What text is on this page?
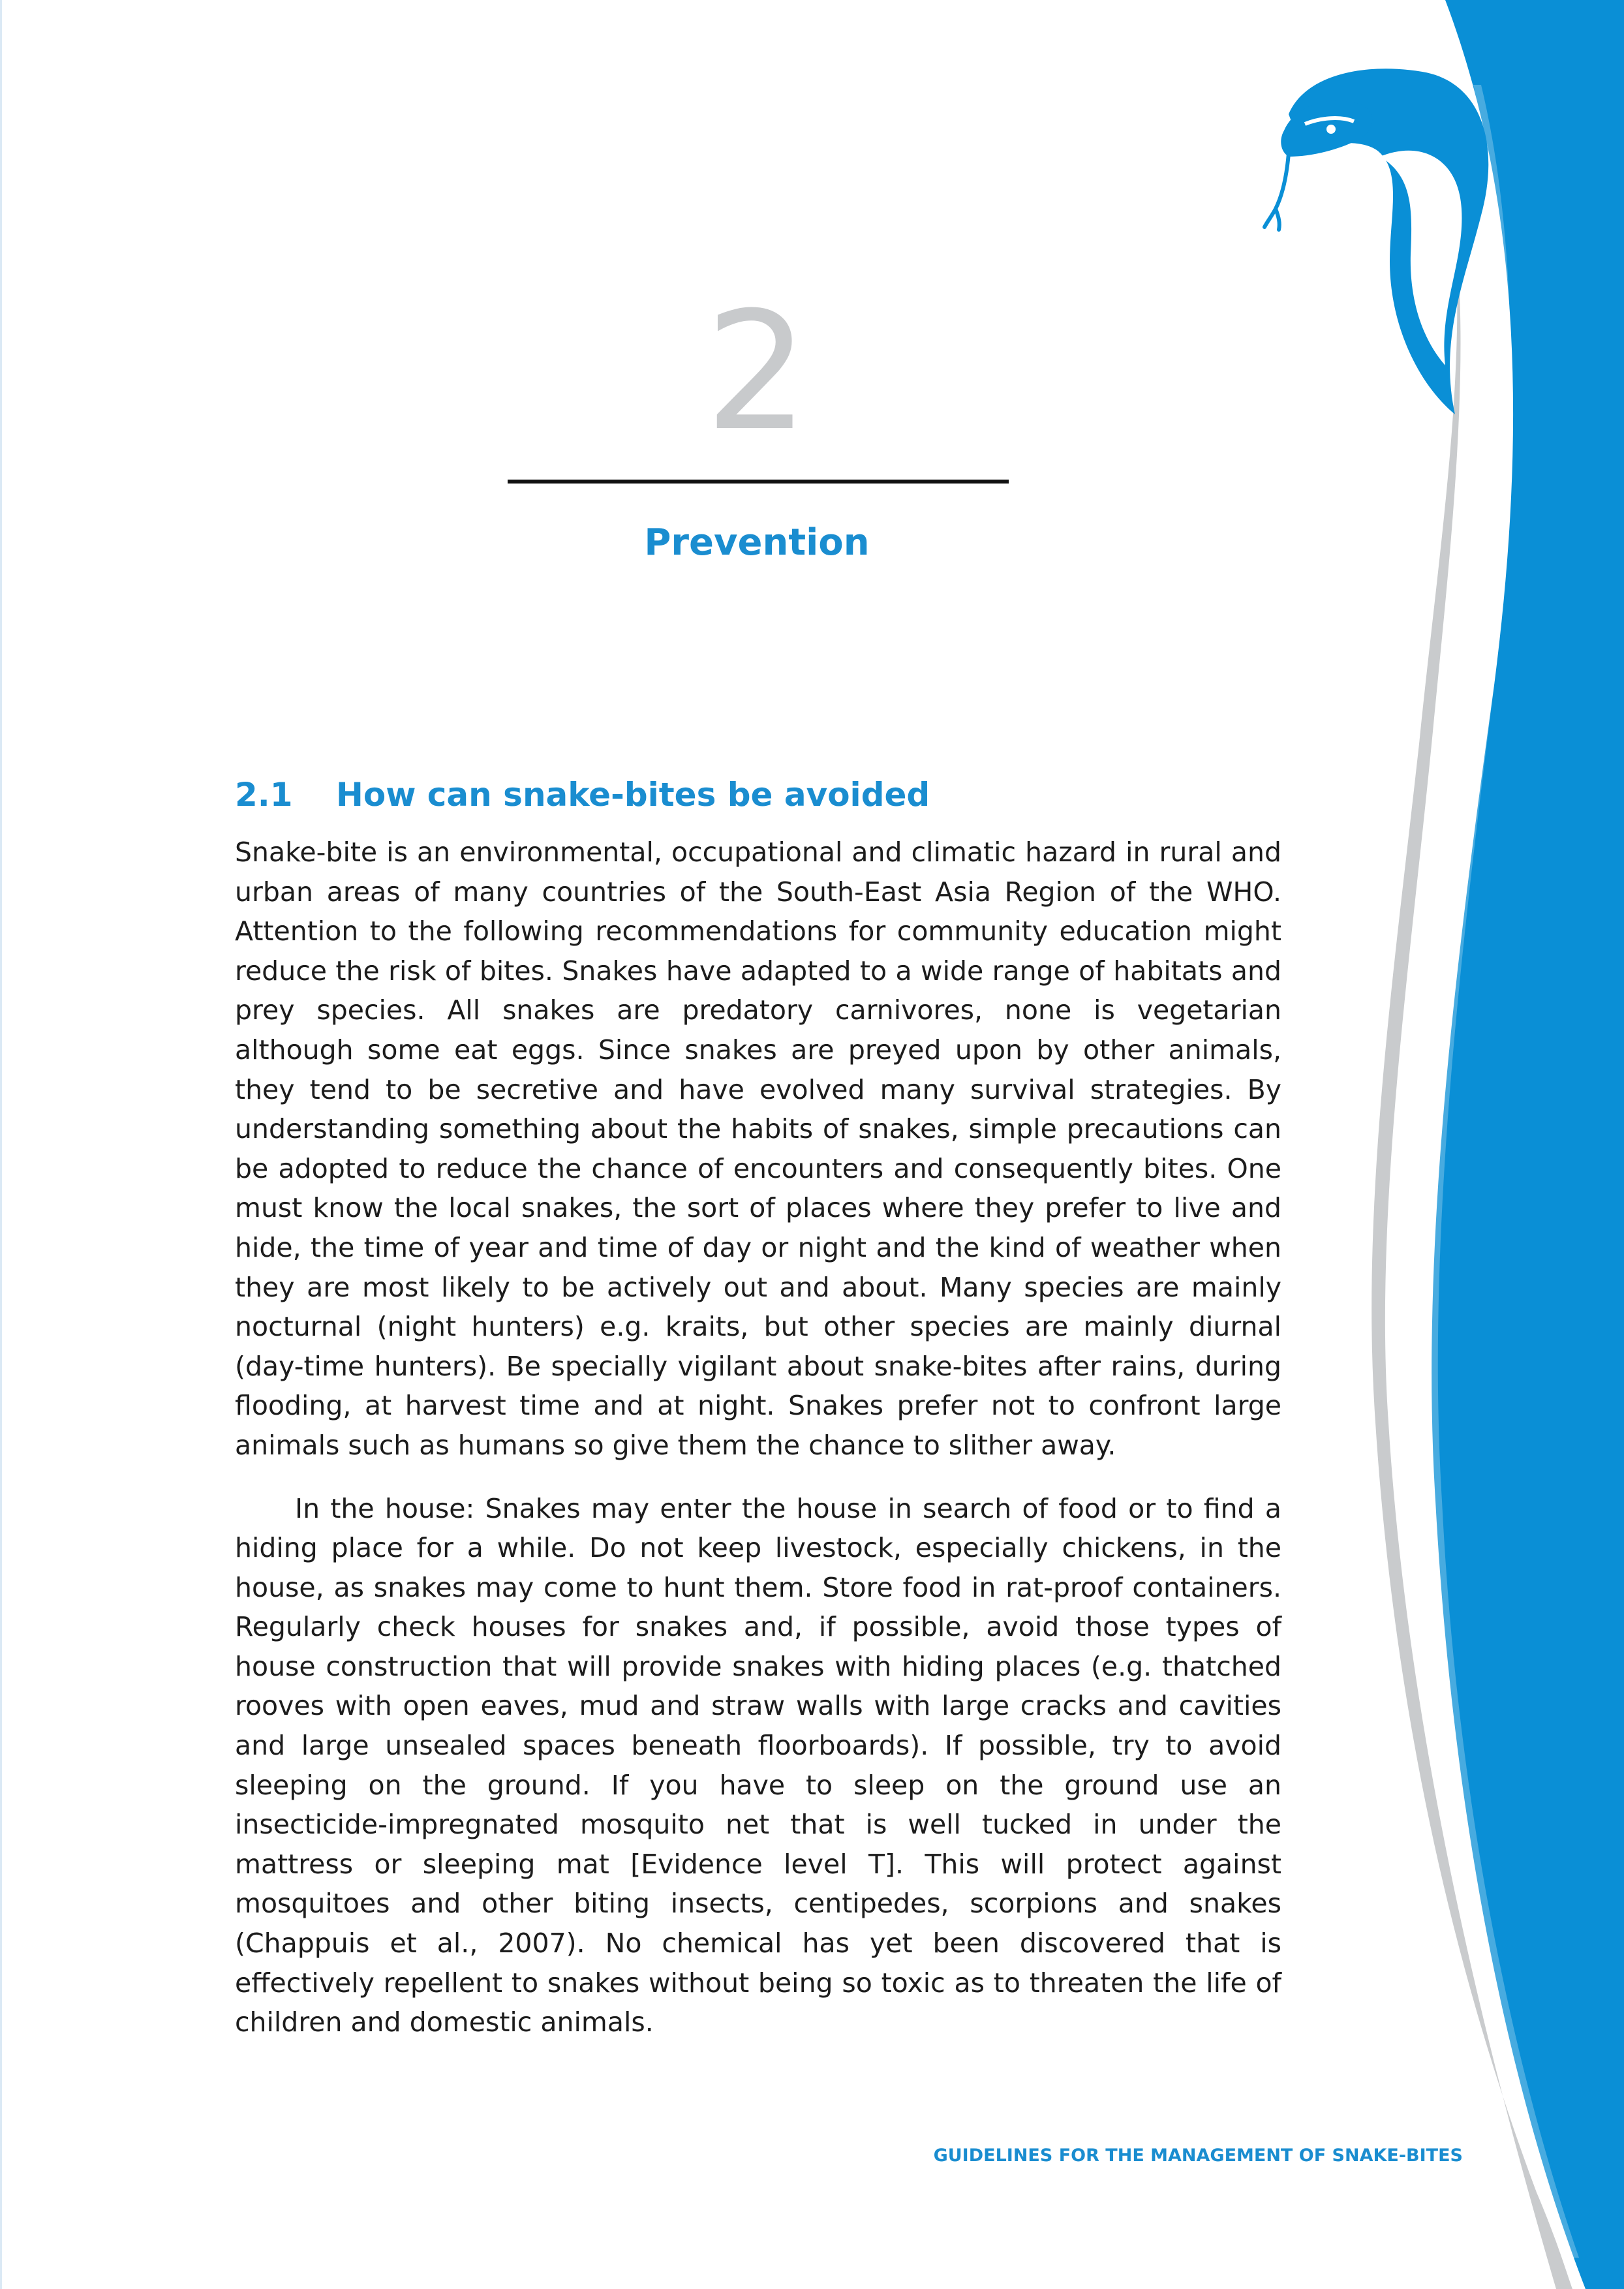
2
Prevention
2.1 How can snake-bites be avoided

Snake-bite is an environmental, occupational and climatic hazard in rural and urban areas of many countries of the South-East Asia Region of the WHO. Attention to the following recommendations for community education might reduce the risk of bites. Snakes have adapted to a wide range of habitats and prey species. All snakes are predatory carnivores, none is vegetarian although some eat eggs. Since snakes are preyed upon by other animals, they tend to be secretive and have evolved many survival strategies. By understanding something about the habits of snakes, simple precautions can be adopted to reduce the chance of encounters and consequently bites. One must know the local snakes, the sort of places where they prefer to live and hide, the time of year and time of day or night and the kind of weather when they are most likely to be actively out and about. Many species are mainly nocturnal (night hunters) e.g. kraits, but other species are mainly diurnal (day-time hunters). Be specially vigilant about snake-bites after rains, during flooding, at harvest time and at night. Snakes prefer not to confront large animals such as humans so give them the chance to slither away.

In the house: Snakes may enter the house in search of food or to find a hiding place for a while. Do not keep livestock, especially chickens, in the house, as snakes may come to hunt them. Store food in rat-proof containers. Regularly check houses for snakes and, if possible, avoid those types of house construction that will provide snakes with hiding places (e.g. thatched rooves with open eaves, mud and straw walls with large cracks and cavities and large unsealed spaces beneath floorboards). If possible, try to avoid sleeping on the ground. If you have to sleep on the ground use an insecticide-impregnated mosquito net that is well tucked in under the mattress or sleeping mat [Evidence level T]. This will protect against mosquitoes and other biting insects, centipedes, scorpions and snakes (Chappuis et al., 2007). No chemical has yet been discovered that is effectively repellent to snakes without being so toxic as to threaten the life of children and domestic animals.

GUIDELINES FOR THE MANAGEMENT OF SNAKE-BITES
